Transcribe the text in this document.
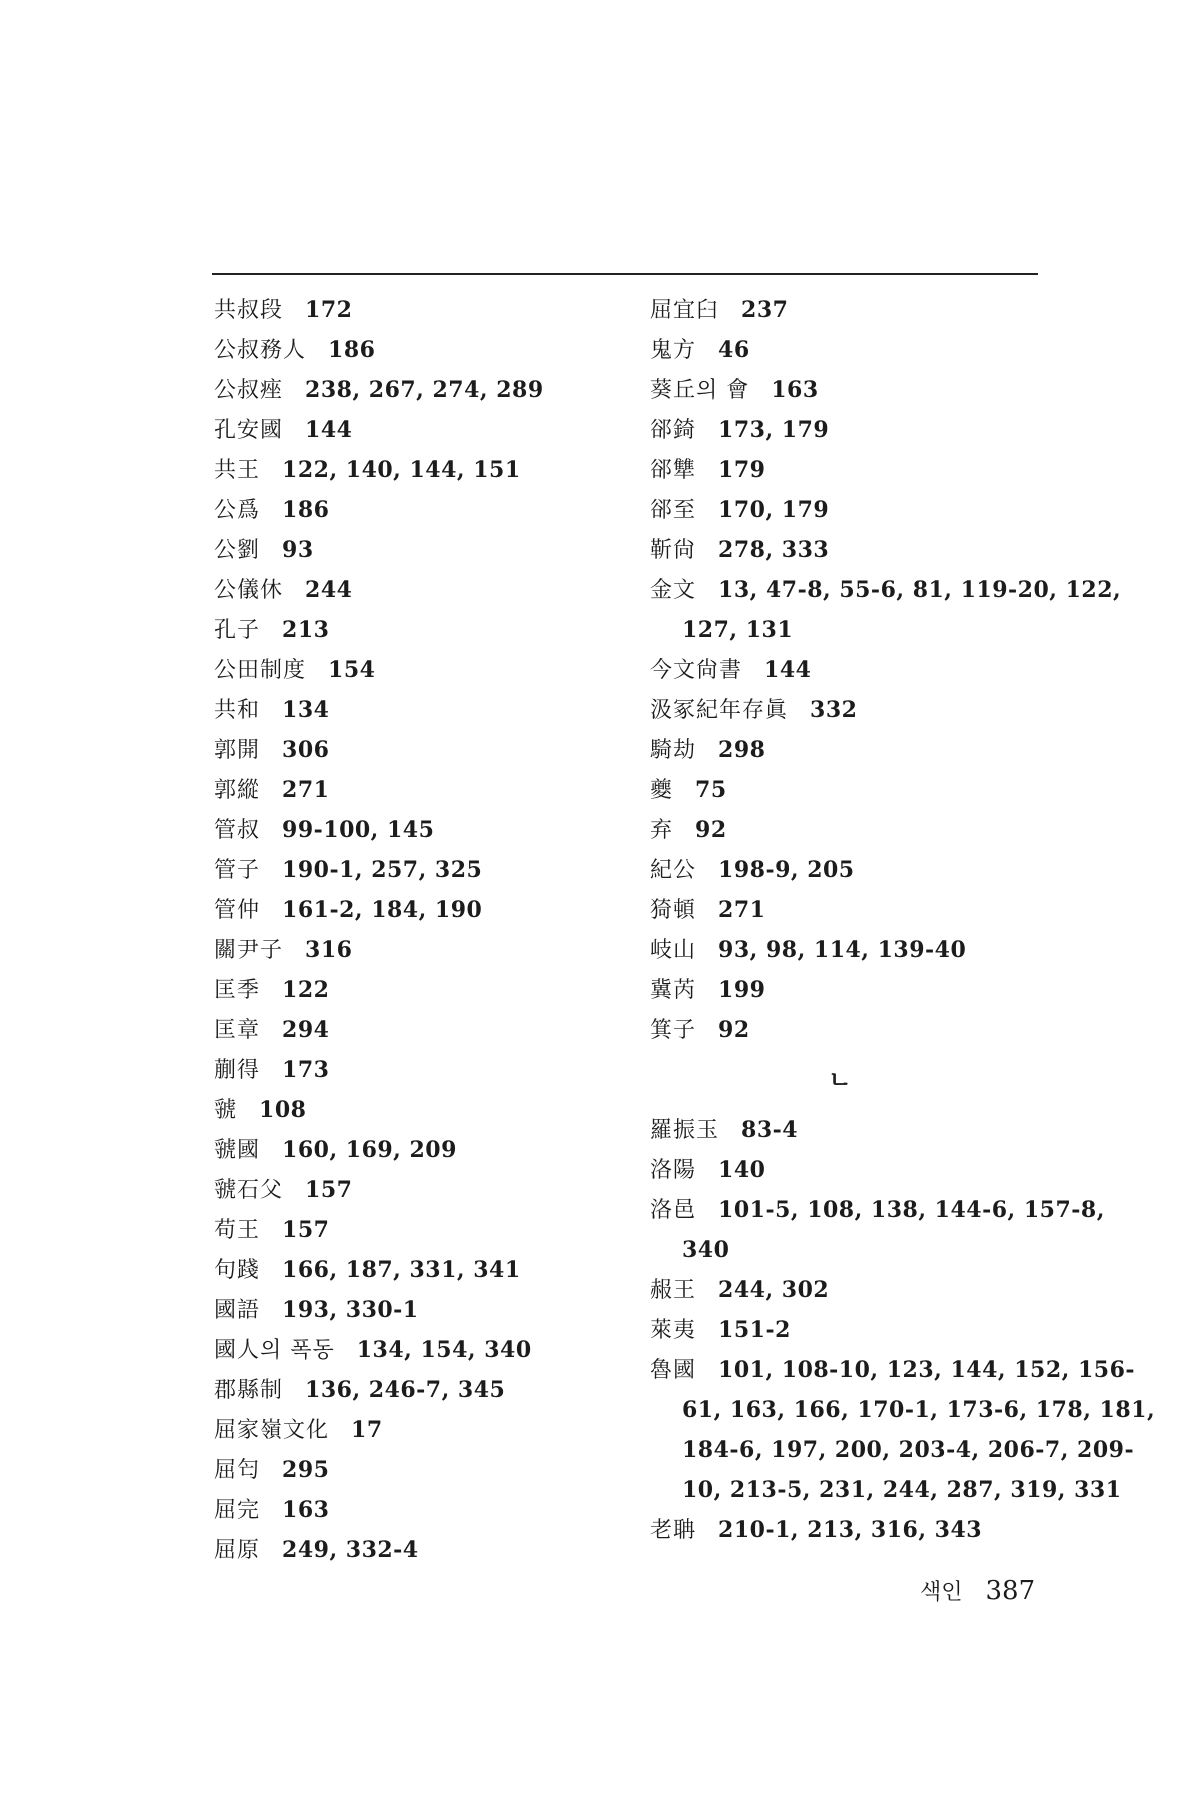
共叔段 172
公叔務人 186
公叔痤 238, 267, 274, 289
孔安國 144
共王 122, 140, 144, 151
公爲 186
公劉 93
公儀休 244
孔子 213
公田制度 154
共和 134
郭開 306
郭縱 271
管叔 99-100, 145
管子 190-1, 257, 325
管仲 161-2, 184, 190
關尹子 316
匡季 122
匡章 294
蒯得 173
虢 108
虢國 160, 169, 209
虢石父 157
苟王 157
句踐 166, 187, 331, 341
國語 193, 330-1
國人의 폭동 134, 154, 340
郡縣制 136, 246-7, 345
屈家嶺文化 17
屈匄 295
屈完 163
屈原 249, 332-4
屈宜臼 237
鬼方 46
葵丘의 會 163
郤錡 173, 179
郤犨 179
郤至 170, 179
靳尙 278, 333
金文 13, 47-8, 55-6, 81, 119-20, 122,
127, 131
今文尙書 144
汲冢紀年存眞 332
騎劫 298
夔 75
弃 92
紀公 198-9, 205
猗頓 271
岐山 93, 98, 114, 139-40
冀芮 199
箕子 92
ㄴ
羅振玉 83-4
洛陽 140
洛邑 101-5, 108, 138, 144-6, 157-8,
340
赧王 244, 302
萊夷 151-2
魯國 101, 108-10, 123, 144, 152, 156-
61, 163, 166, 170-1, 173-6, 178, 181,
184-6, 197, 200, 203-4, 206-7, 209-
10, 213-5, 231, 244, 287, 319, 331
老聃 210-1, 213, 316, 343
색인 387
